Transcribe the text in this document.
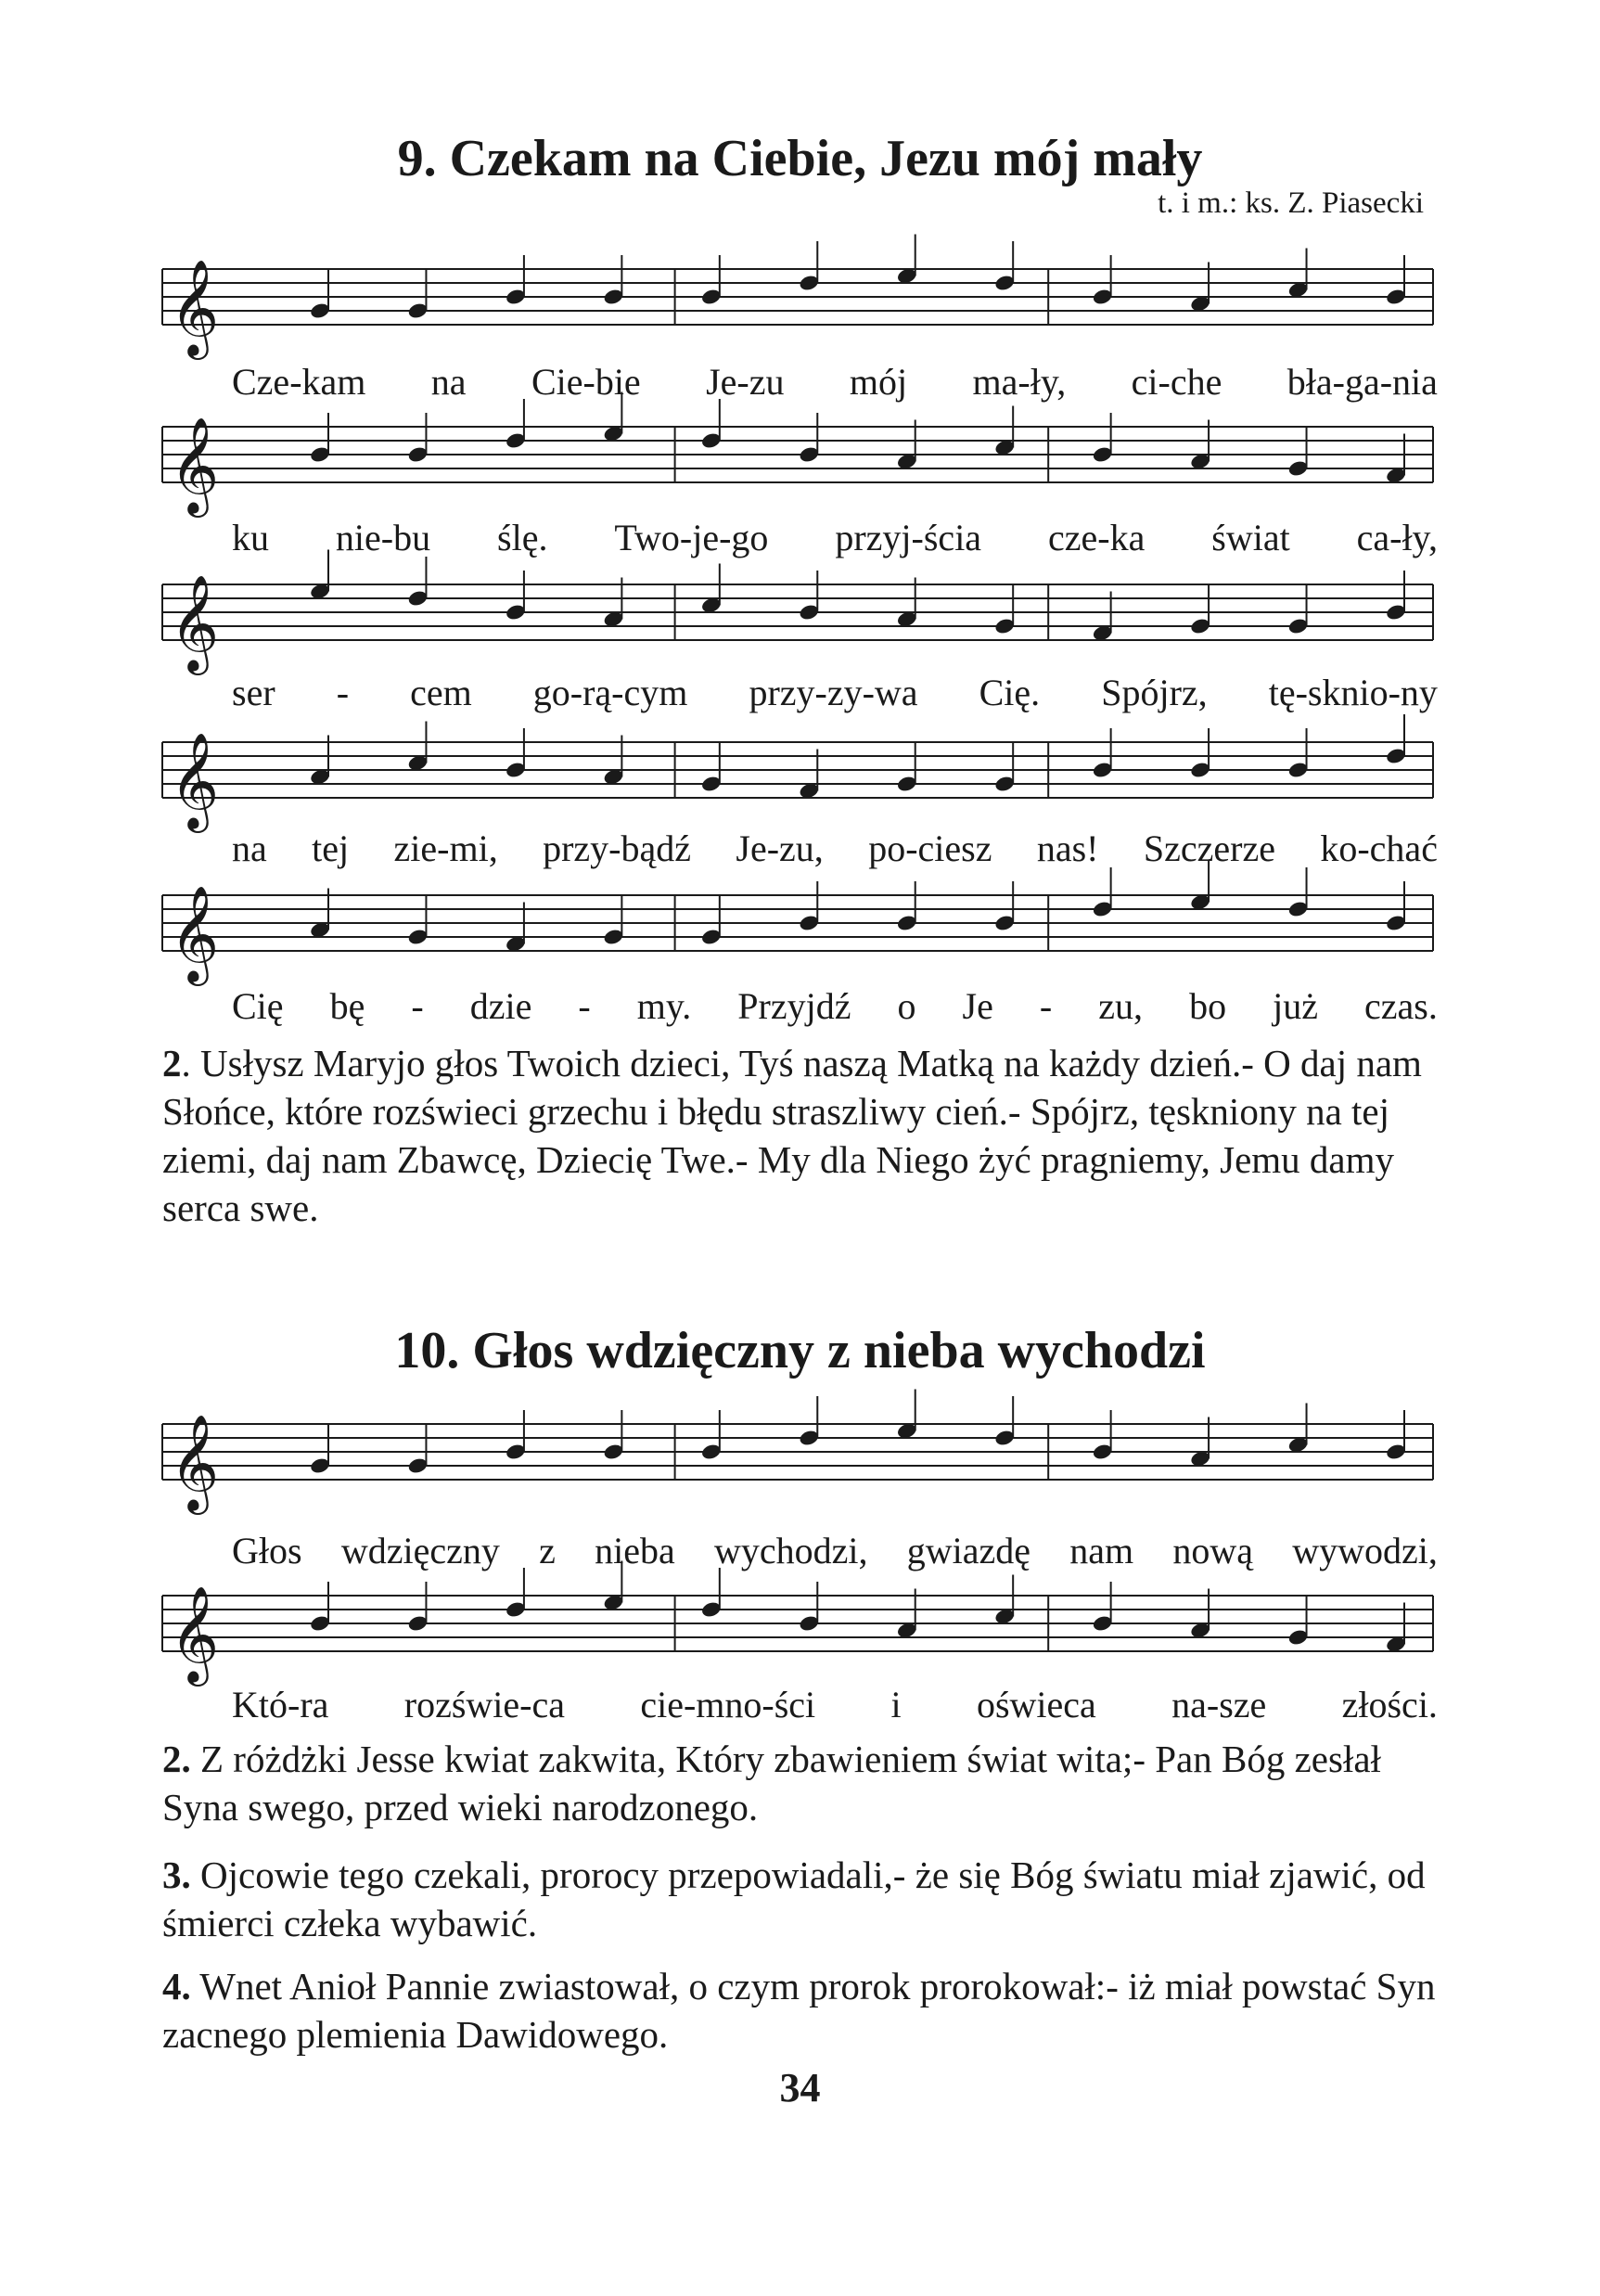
9. Czekam na Ciebie, Jezu mój mały
t. i m.: ks. Z. Piasecki
𝄞
Cze-kam na Cie-bie Je-zu mój ma-ły, ci-che bła-ga-nia
𝄞
ku nie-bu ślę. Two-je-go przyj-ścia cze-ka świat ca-ły,
𝄞
ser - cem go-rą-cym przy-zy-wa Cię. Spójrz, tę-sknio-ny
𝄞
na tej zie-mi, przy-bądź Je-zu, po-ciesz nas! Szczerze ko-chać
𝄞
Cię bę - dzie - my. Przyjdź o Je - zu, bo już czas.
2. Usłysz Maryjo głos Twoich dzieci, Tyś naszą Matką na każdy dzień.- O daj nam Słońce, które rozświeci grzechu i błędu straszliwy cień.- Spójrz, tęskniony na tej ziemi, daj nam Zbawcę, Dziecię Twe.- My dla Niego żyć pragniemy, Jemu damy serca swe.
10. Głos wdzięczny z nieba wychodzi
𝄞
Głos wdzięczny z nieba wychodzi, gwiazdę nam nową wywodzi,
𝄞
Któ-ra rozświe-ca cie-mno-ści i oświeca na-sze złości.
2. Z różdżki Jesse kwiat zakwita, Który zbawieniem świat wita;- Pan Bóg zesłał Syna swego, przed wieki narodzonego.
3. Ojcowie tego czekali, prorocy przepowiadali,- że się Bóg światu miał zjawić, od śmierci człeka wybawić.
4. Wnet Anioł Pannie zwiastował, o czym prorok prorokował:- iż miał powstać Syn zacnego plemienia Dawidowego.
34
